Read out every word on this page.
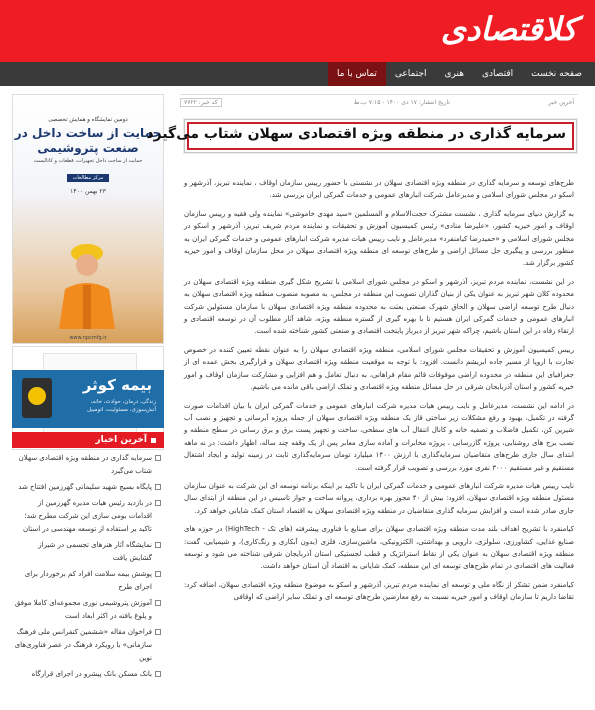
کلاقتصادی
صفحه نخست
اقتصادی
هنری
اجتماعی
تماس با ما
دومین نمایشگاه و همایش تخصصی
حمایت از ساخت داخل در صنعت پتروشیمی
حمایت از ساخت داخل تجهیزات، قطعات و کاتالیست
مرکز مطالعات
۲۳ بهمن ۱۴۰۰
www.npcmfg.ir
بیمه کوثر
زندگی، درمان، حوادث، خانه، آتش‌سوزی، مسئولیت، اتومبیل
آخرین اخبار
سرمایه گذاری در منطقه ویژه اقتصادی سهلان شتاب می‌گیرد
پایگاه بسیج شهید سلیمانی گهرزمین افتتاح شد
در بازدید رئیس هیات مدیره گهرزمین از اقدامات بومی سازی این شرکت مطرح شد؛ تاکید بر استفاده از توسعه مهندسی در استان
نمایشگاه آثار هنرهای تجسمی در شیراز گشایش یافت
پوشش بیمه سلامت افراد کم برخوردار برای اجرای طرح
آموزش پتروشیمی نوری مجموعه‌ای کاملا موفق و پلوغ یافته در اکثر ابعاد است
فراخوان مقاله «ششمین کنفرانس ملی فرهنگ سازمانی» با رویکرد فرهنگ در عصر فناوری‌های نوین
بانک مسکن بانک پیشرو در اجرای قرارگاه
آخرین خبر
تاریخ انتشار: ۱۷ دی ۱۴۰۰ - ۷:۱۵ ب.ظ
کد خبر: ۷۷۲۲
سرمایه گذاری در منطقه ویژه اقتصادی سهلان شتاب می‌گیرد

طرح‌های توسعه و سرمایه گذاری در منطقه ویژه اقتصادی سهلان در نشستی با حضور رییس سازمان اوقاف ، نماینده تبریز، آذرشهر و اسکو در مجلس شورای اسلامی و مدیرعامل شرکت انبارهای عمومی و خدمات گمرکی ایران بررسی شد.

به گزارش دنیای سرمایه گذاری ، نشست مشترک حجت‌الاسلام و المسلمین «سید مهدی خاموشی» نماینده ولی فقیه و رییس سازمان اوقاف و امور خیریه کشور، «علیرضا منادی» رئیس کمیسیون آموزش و تحقیقات و نماینده مردم شریف تبریز، آذرشهر و اسکو در مجلس شورای اسلامی و «حمیدرضا کیامنفرد» مدیرعامل و نایب رییس هیات مدیره شرکت انبارهای عمومی و خدمات گمرکی ایران به منظور بررسی و پیگیری حل مسائل اراضی و طرح‌های توسعه ای منطقه ویژه اقتصادی سهلان در محل سازمان اوقاف و امور خیریه کشور برگزار شد.

در این نشست، نماینده مردم تبریز، آذرشهر و اسکو در مجلس شورای اسلامی با تشریح شکل گیری منطقه ویژه اقتصادی سهلان در محدوده کلان شهر تبریز به عنوان یکی از بنیان گذاران تصویب این منطقه در مجلس، به مصوبه منصوب منطقه ویژه اقتصادی سهلان به دنبال طرح توسعه اراضی سهلان و الحاق شهرک صنعتی بعثت به محدوده منطقه ویژه اقتصادی سهلان با سازمان مسئولین شرکت انبارهای عمومی و خدمات گمرکی ایران هستیم تا با بهره گیری از گستره منطقه ویژه، شاهد آثار مطلوب آن در توسعه اقتصادی و ارتقاء رفاه در این استان باشیم، چراکه شهر تبریز از دیرباز پایتخت اقتصادی و صنعتی کشور شناخته شده است.

رییس کمیسیون آموزش و تحقیقات مجلس شورای اسلامی، منطقه ویژه اقتصادی سهلان را به عنوان نقطه تعیین کننده در خصوص تجارت با اروپا از مسیر جاده ابریشم دانست. افزود: با توجه به موقعیت منطقه ویژه اقتصادی سهلان و قرارگیری بخش عمده ای از جغرافیای این منطقه در محدوده اراضی موقوفات قائم مقام فراهانی، به دنبال تعامل و هم افزایی و مشارکت سازمان اوقاف و امور خیریه کشور و استان آذربایجان شرقی در حل مسائل منطقه ویژه اقتصادی و تملک اراضی باقی مانده می باشیم.

در ادامه این نشست، مدیرعامل و نایب رییس هیات مدیره شرکت انبارهای عمومی و خدمات گمرکی ایران با بیان اقدامات صورت گرفته در تکمیل، بهبود و رفع مشکلات زیر ساختی قاز یک منطقه ویژه اقتصادی سهلان از جمله پروژه آبرسانی و تجهیز و نصب آب شیرین کن، تکمیل فاضلاب و تصفیه خانه و کانال انتقال آب های سطحی، ساخت و تجهیز پست برق و برق رسانی در سطح منطقه و نصب برج های روشنایی، پروژه گازرسانی ، پروژه مخابرات و آماده سازی معابر پس از یک وقفه چند ساله، اظهار داشت: در نه ماهه ابتدای سال جاری طرح‌های متقاضیان سرمایه‌گذاری با ارزش ۱۴۰۰ میلیارد تومان سرمایه‌گذاری ثابت در زمینه تولید و ایجاد اشتغال مستقیم و غیر مستقیم ۳۰۰۰ نفری مورد بررسی و تصویب قرار گرفته است.

نایب رییس هیات مدیره شرکت انبارهای عمومی و خدمات گمرکی ایران با تاکید بر اینکه برنامه توسعه ای این شرکت به عنوان سازمان مسئول منطقه ویژه اقتصادی سهلان، افزود: بیش از ۴۰ مجوز بهره برداری، پروانه ساخت و جواز تاسیس در این منطقه از ابتدای سال جاری صادر شده است و افزایش سرمایه گذاری متقاضیان در منطقه ویژه اقتصادی سهلان به اقتصاد استان کمک شایانی خواهد کرد.

کیامنفرد با تشریح اهداف بلند مدت منطقه ویژه اقتصادی سهلان برای صنایع با فناوری پیشرفته (های تک - HighTech) در حوزه های صنایع غذایی، کشاورزی، سلولزی، دارویی و بهداشتی، الکترونیکی، ماشین‌سازی، فلزی (بدون آبکاری و رنگ‌کاری)، و شیمیایی، گفت: منطقه ویژه اقتصادی سهلان به عنوان یکی از نقاط استراتژیک و قطب لجستیکی استان آذربایجان شرقی شناخته می شود و توسعه فعالیت های اقتصادی در تمام طرح‌های توسعه ای این منطقه، کمک شایانی به اقتصاد آن استان خواهد داشت.

کیامنفرد ضمن تشکر از نگاه ملی و توسعه ای نماینده مردم تبریز، آذرشهر و اسکو به موضوع منطقه ویژه اقتصادی سهلان، اضافه کرد: تقاضا داریم تا سازمان اوقاف و امور خیریه نسبت به رفع معارضین طرح‌های توسعه ای و تملک سایر اراضی که اوقافی
